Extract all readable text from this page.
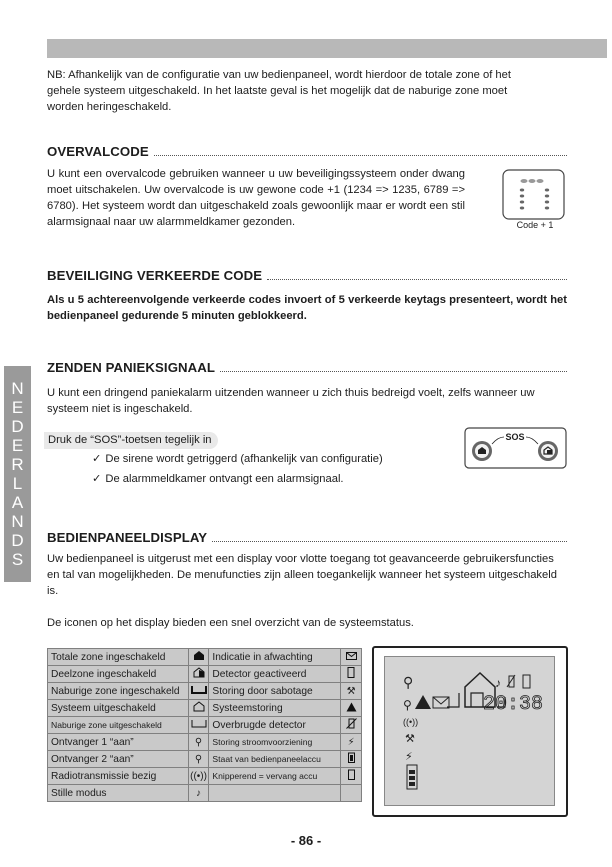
NB: Afhankelijk van de configuratie van uw bedienpaneel, wordt hierdoor de totale zone of het gehele systeem uitgeschakeld. In het laatste geval is het mogelijk dat de naburige zone moet worden heringeschakeld.

OVERVALCODE

U kunt een overvalcode gebruiken wanneer u uw beveiligingssysteem onder dwang moet uitschakelen. Uw overvalcode is uw gewone code +1 (1234 => 1235, 6789 => 6780). Het systeem wordt dan uitgeschakeld zoals gewoonlijk maar er wordt een stil alarmsignaal naar uw alarmmeldkamer gezonden.	Code + 1
BEVEILIGING VERKEERDE CODE

Als u 5 achtereenvolgende verkeerde codes invoert of 5 verkeerde keytags presenteert, wordt het bedienpaneel gedurende 5 minuten geblokkeerd.

ZENDEN PANIEKSIGNAAL

U kunt een dringend paniekalarm uitzenden wanneer u zich thuis bedreigd voelt, zelfs wanneer uw systeem niet is ingeschakeld.

Druk de “SOS”-toetsen tegelijk in
✓ De sirene wordt getriggerd (afhankelijk van configuratie)
✓ De alarmmeldkamer ontvangt een alarmsignaal.
SOS
BEDIENPANEELDISPLAY

Uw bedienpaneel is uitgerust met een display voor vlotte toegang tot geavanceerde gebruikersfuncties en tal van mogelijkheden. De menufuncties zijn alleen toegankelijk wanneer het systeem uitgeschakeld is.

De iconen op het display bieden een snel overzicht van de systeemstatus.

Totale zone ingeschakeld		Indicatie in afwachting	
Deelzone ingeschakeld		Detector geactiveerd	
Naburige zone ingeschakeld		Storing door sabotage	⚒
Systeem uitgeschakeld		Systeemstoring	
Naburige zone uitgeschakeld		Overbrugde detector	
Ontvanger 1 “aan”	⚲	Storing stroomvoorziening	⚡
Ontvanger 2 “aan”	⚲	Staat van bedienpaneelaccu	
Radiotransmissie bezig	((•))	Knipperend = vervang accu	
Stille modus	♪		
⚲
⚲
((•))
⚒
⚡
♪
20:38
N
E
D
E
R
L
A
N
D
S
- 86 -
